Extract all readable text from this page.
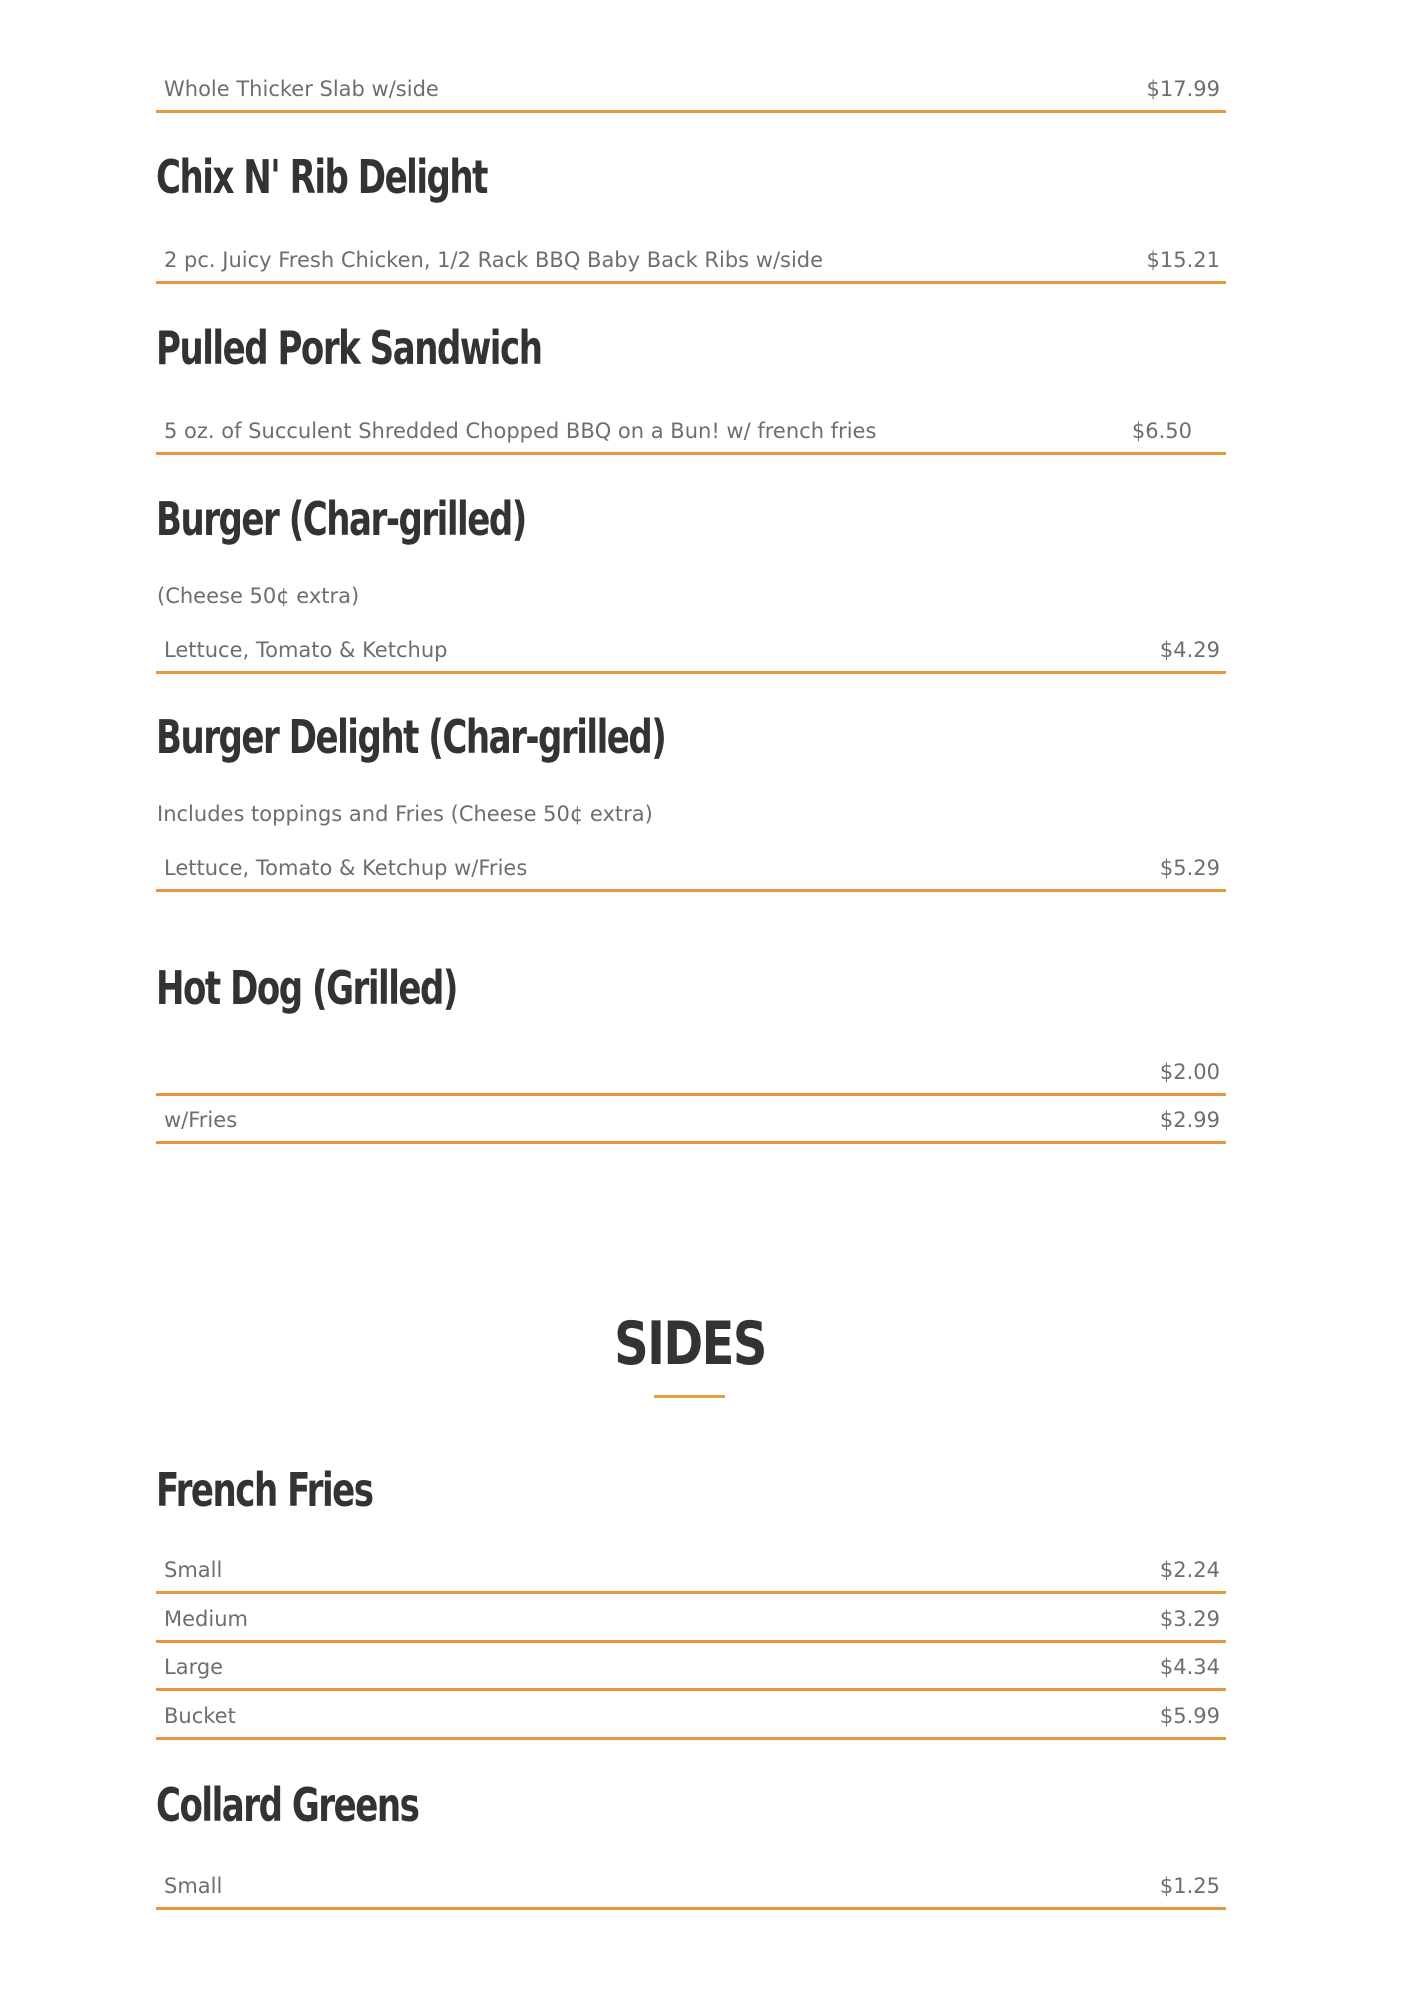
Whole Thicker Slab w/side	$17.99
Chix N' Rib Delight
2 pc. Juicy Fresh Chicken, 1/2 Rack BBQ Baby Back Ribs w/side	$15.21
Pulled Pork Sandwich
5 oz. of Succulent Shredded Chopped BBQ on a Bun! w/ french fries	$6.50
Burger (Char-grilled)
(Cheese 50¢ extra)
Lettuce, Tomato & Ketchup	$4.29
Burger Delight (Char-grilled)
Includes toppings and Fries (Cheese 50¢ extra)
Lettuce, Tomato & Ketchup w/Fries	$5.29
Hot Dog (Grilled)
$2.00
w/Fries	$2.99
SIDES
French Fries
Small	$2.24
Medium	$3.29
Large	$4.34
Bucket	$5.99
Collard Greens
Small	$1.25
